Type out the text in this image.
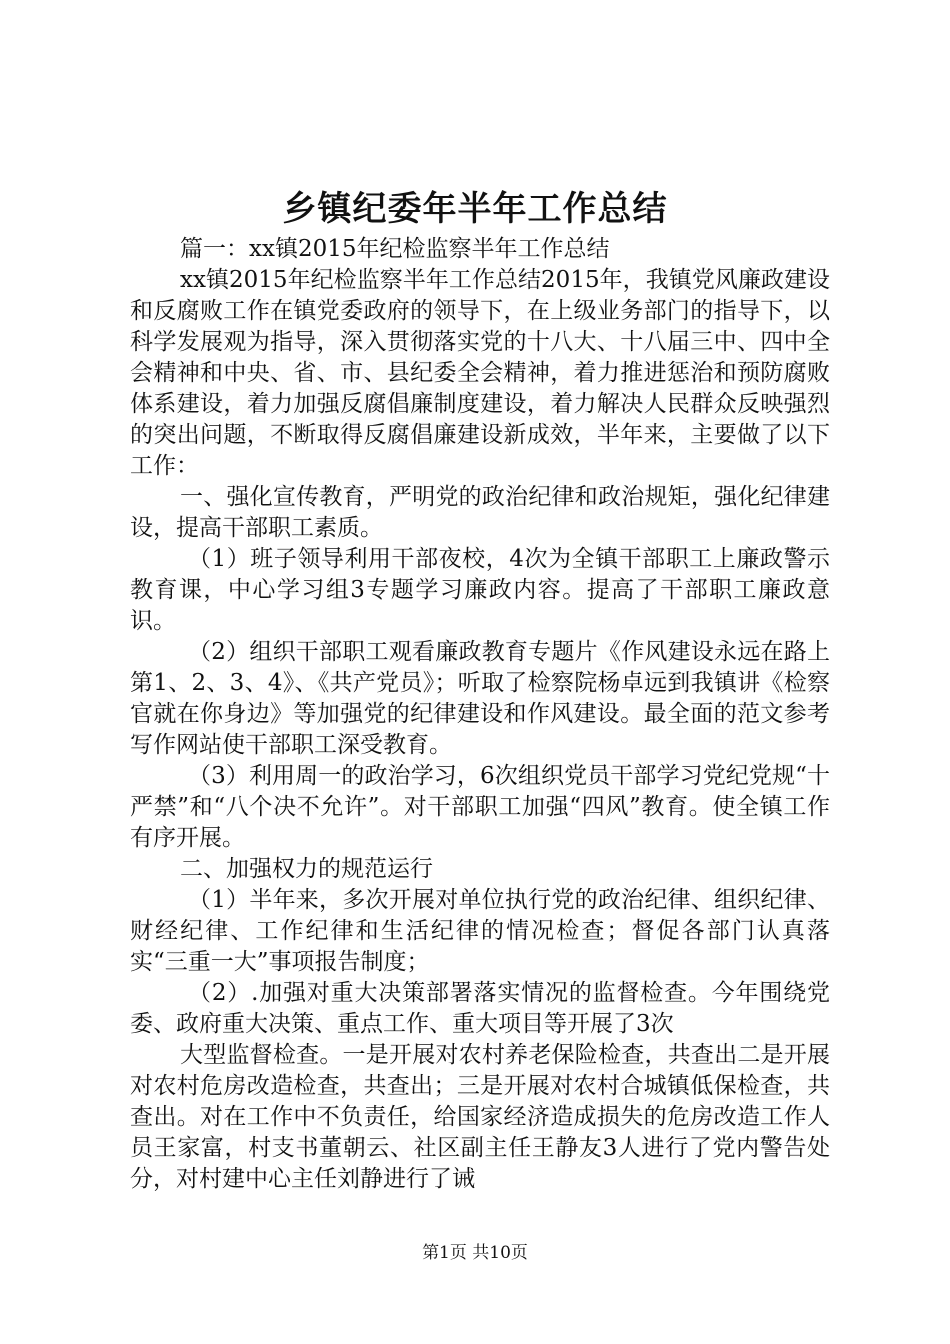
乡镇纪委年半年工作总结

篇一：xx镇2015年纪检监察半年工作总结

xx镇2015年纪检监察半年工作总结2015年，我镇党风廉政建设和反腐败工作在镇党委政府的领导下，在上级业务部门的指导下，以科学发展观为指导，深入贯彻落实党的十八大、十八届三中、四中全会精神和中央、省、市、县纪委全会精神，着力推进惩治和预防腐败体系建设，着力加强反腐倡廉制度建设，着力解决人民群众反映强烈的突出问题，不断取得反腐倡廉建设新成效，半年来，主要做了以下工作：

一、强化宣传教育，严明党的政治纪律和政治规矩，强化纪律建设，提高干部职工素质。

（1）班子领导利用干部夜校，4次为全镇干部职工上廉政警示教育课，中心学习组3专题学习廉政内容。提高了干部职工廉政意识。

（2）组织干部职工观看廉政教育专题片《作风建设永远在路上第1、2、3、4》、《共产党员》；听取了检察院杨卓远到我镇讲《检察官就在你身边》等加强党的纪律建设和作风建设。最全面的范文参考写作网站使干部职工深受教育。

（3）利用周一的政治学习，6次组织党员干部学习党纪党规“十严禁”和“八个决不允许”。对干部职工加强“四风”教育。使全镇工作有序开展。

二、加强权力的规范运行

（1）半年来，多次开展对单位执行党的政治纪律、组织纪律、财经纪律、工作纪律和生活纪律的情况检查；督促各部门认真落实“三重一大”事项报告制度；

（2）.加强对重大决策部署落实情况的监督检查。今年围绕党委、政府重大决策、重点工作、重大项目等开展了3次

大型监督检查。一是开展对农村养老保险检查，共查出二是开展对农村危房改造检查，共查出；三是开展对农村合城镇低保检查，共查出。对在工作中不负责任，给国家经济造成损失的危房改造工作人员王家富，村支书董朝云、社区副主任王静友3人进行了党内警告处分，对村建中心主任刘静进行了诫

第1页 共10页
